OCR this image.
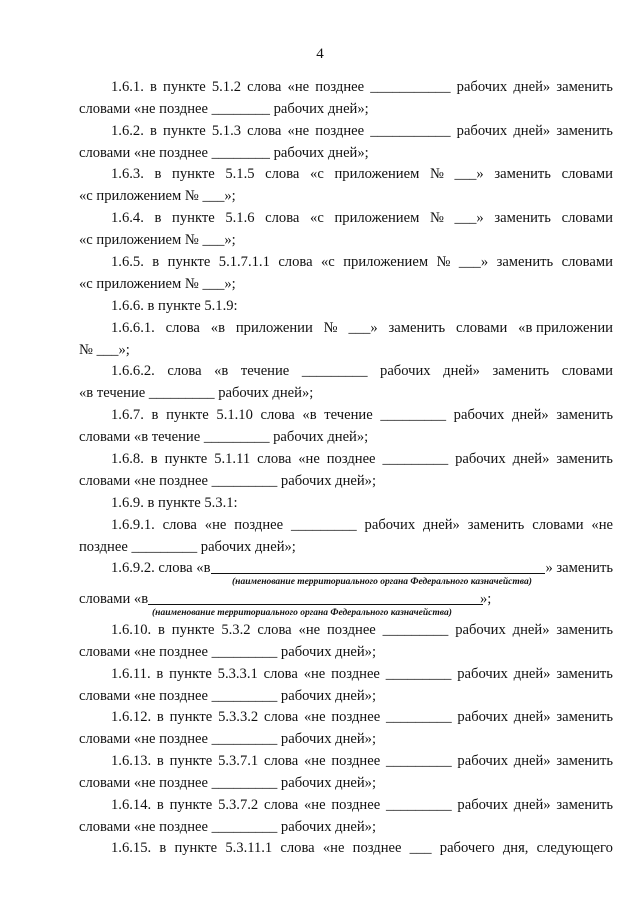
4
1.6.1. в пункте 5.1.2 слова «не позднее ___________ рабочих дней» заменить
словами «не позднее ________ рабочих дней»;
1.6.2. в пункте 5.1.3 слова «не позднее ___________ рабочих дней» заменить
словами «не позднее ________ рабочих дней»;
1.6.3. в пункте 5.1.5 слова «с приложением № ___» заменить словами
«с приложением № ___»;
1.6.4. в пункте 5.1.6 слова «с приложением № ___» заменить словами
«с приложением № ___»;
1.6.5. в пункте 5.1.7.1.1 слова «с приложением № ___» заменить словами
«с приложением № ___»;
1.6.6. в пункте 5.1.9:
1.6.6.1. слова «в приложении № ___» заменить словами «в приложении
№ ___»;
1.6.6.2. слова «в течение _________ рабочих дней» заменить словами
«в течение _________ рабочих дней»;
1.6.7. в пункте 5.1.10 слова «в течение _________ рабочих дней» заменить
словами «в течение _________ рабочих дней»;
1.6.8. в пункте 5.1.11 слова «не позднее _________ рабочих дней» заменить
словами «не позднее _________ рабочих дней»;
1.6.9. в пункте 5.3.1:
1.6.9.1. слова «не позднее _________ рабочих дней» заменить словами «не
позднее _________ рабочих дней»;
1.6.9.2. слова «в	» заменить
(наименование территориального органа Федерального казначейства)
словами «в	»;
(наименование территориального органа Федерального казначейства)
1.6.10. в пункте 5.3.2 слова «не позднее _________ рабочих дней» заменить
словами «не позднее _________ рабочих дней»;
1.6.11. в пункте 5.3.3.1 слова «не позднее _________ рабочих дней» заменить
словами «не позднее _________ рабочих дней»;
1.6.12. в пункте 5.3.3.2 слова «не позднее _________ рабочих дней» заменить
словами «не позднее _________ рабочих дней»;
1.6.13. в пункте 5.3.7.1 слова «не позднее _________ рабочих дней» заменить
словами «не позднее _________ рабочих дней»;
1.6.14. в пункте 5.3.7.2 слова «не позднее _________ рабочих дней» заменить
словами «не позднее _________ рабочих дней»;
1.6.15. в пункте 5.3.11.1 слова «не позднее ___ рабочего дня, следующего
